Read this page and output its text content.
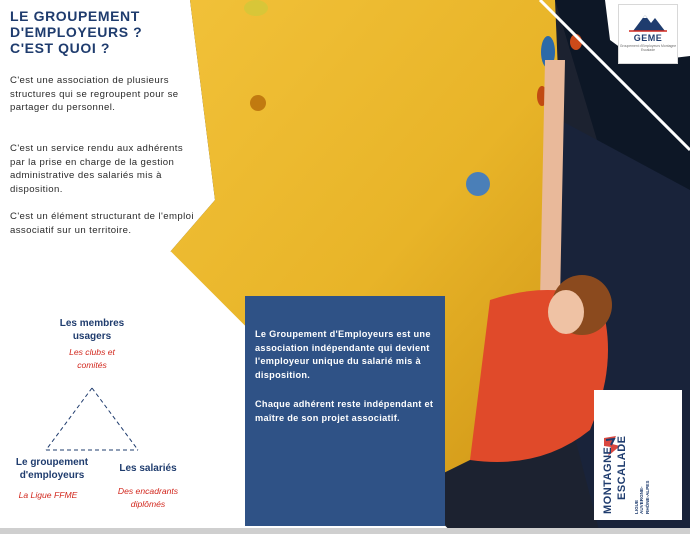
LE GROUPEMENT
D'EMPLOYEURS ?
C'EST QUOI ?

C'est une association de plusieurs structures qui se regroupent pour se partager du personnel.

C'est un service rendu aux adhérents par la prise en charge de la gestion administrative des salariés mis à disposition.

C'est un élément structurant de l'emploi associatif sur un territoire.

Les membres
usagers
Les clubs et
comités
Le groupement
d'employeurs
La Ligue FFME
Les salariés
Des encadrants
diplômés

Le Groupement d'Employeurs est une association indépendante qui devient l'employeur unique du salarié mis à disposition.

Chaque adhérent reste indépendant et maître de son projet associatif.

GEME
Groupement d'Employeurs Montagne Escalade
MONTAGNE ESCALADE
LIGUE
AUVERGNE-
RHÔNE-ALPES
